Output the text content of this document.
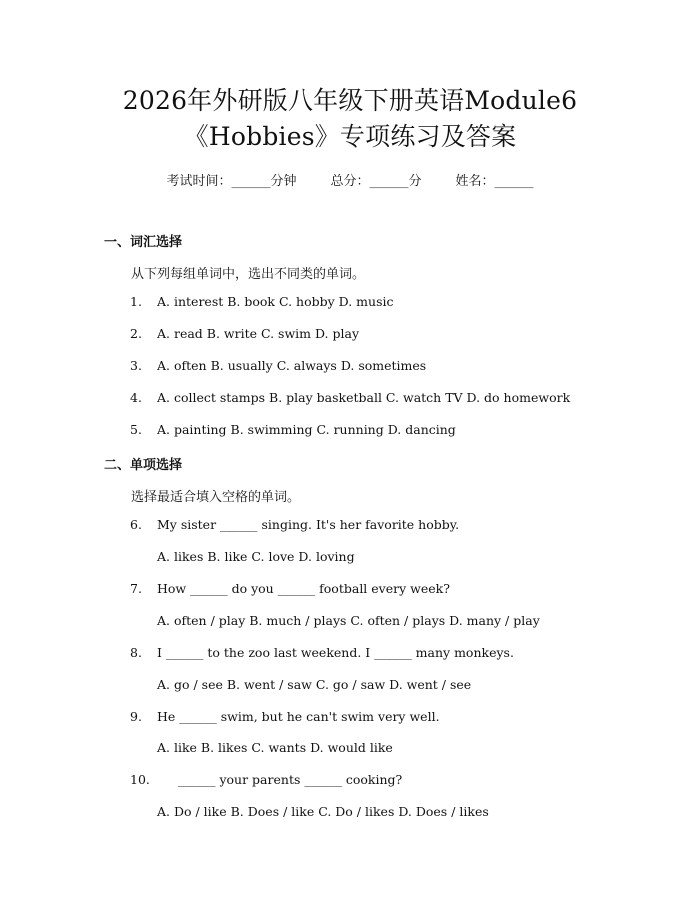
2026年外研版八年级下册英语Module6
《Hobbies》专项练习及答案
考试时间：______分钟	总分：______分	姓名：______
一、词汇选择
从下列每组单词中，选出不同类的单词。
1. A. interest B. book C. hobby D. music
2. A. read B. write C. swim D. play
3. A. often B. usually C. always D. sometimes
4. A. collect stamps B. play basketball C. watch TV D. do homework
5. A. painting B. swimming C. running D. dancing
二、单项选择
选择最适合填入空格的单词。
6. My sister ______ singing. It's her favorite hobby.
A. likes B. like C. love D. loving
7. How ______ do you ______ football every week?
A. often / play B. much / plays C. often / plays D. many / play
8. I ______ to the zoo last weekend. I ______ many monkeys.
A. go / see B. went / saw C. go / saw D. went / see
9. He ______ swim, but he can't swim very well.
A. like B. likes C. wants D. would like
10. ______ your parents ______ cooking?
A. Do / like B. Does / like C. Do / likes D. Does / likes
